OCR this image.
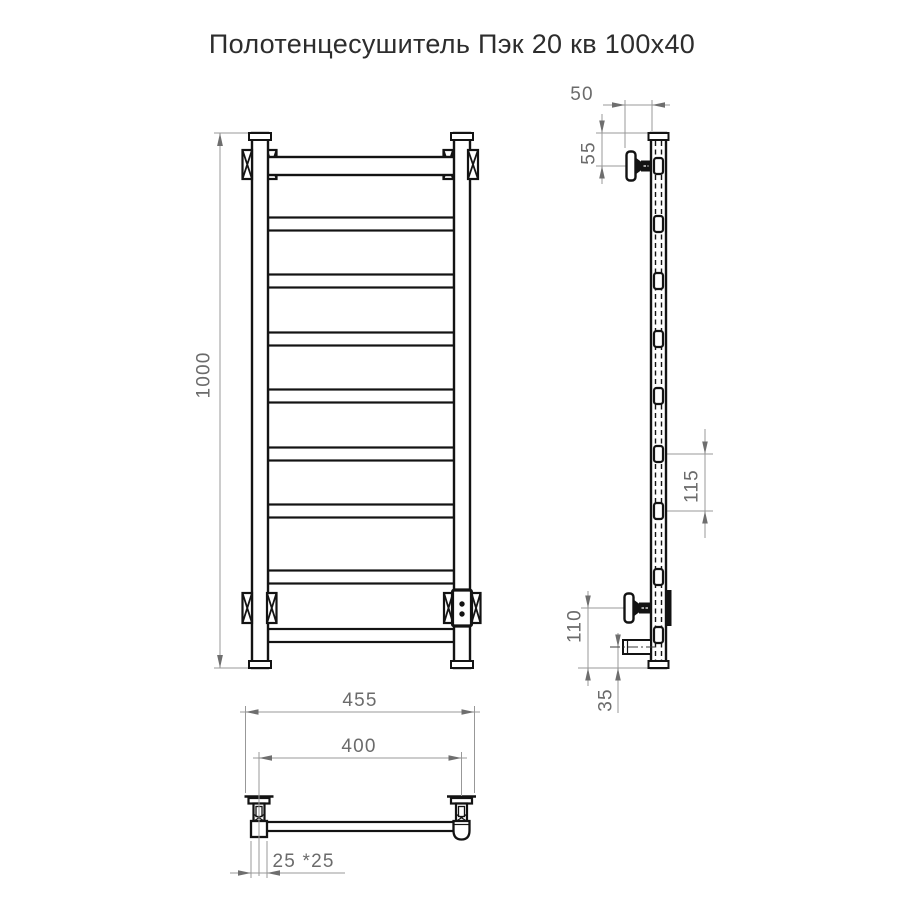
Полотенцесушитель Пэк 20 кв 100x40
1000
50
55
115
110
35
455
400
25 *25
